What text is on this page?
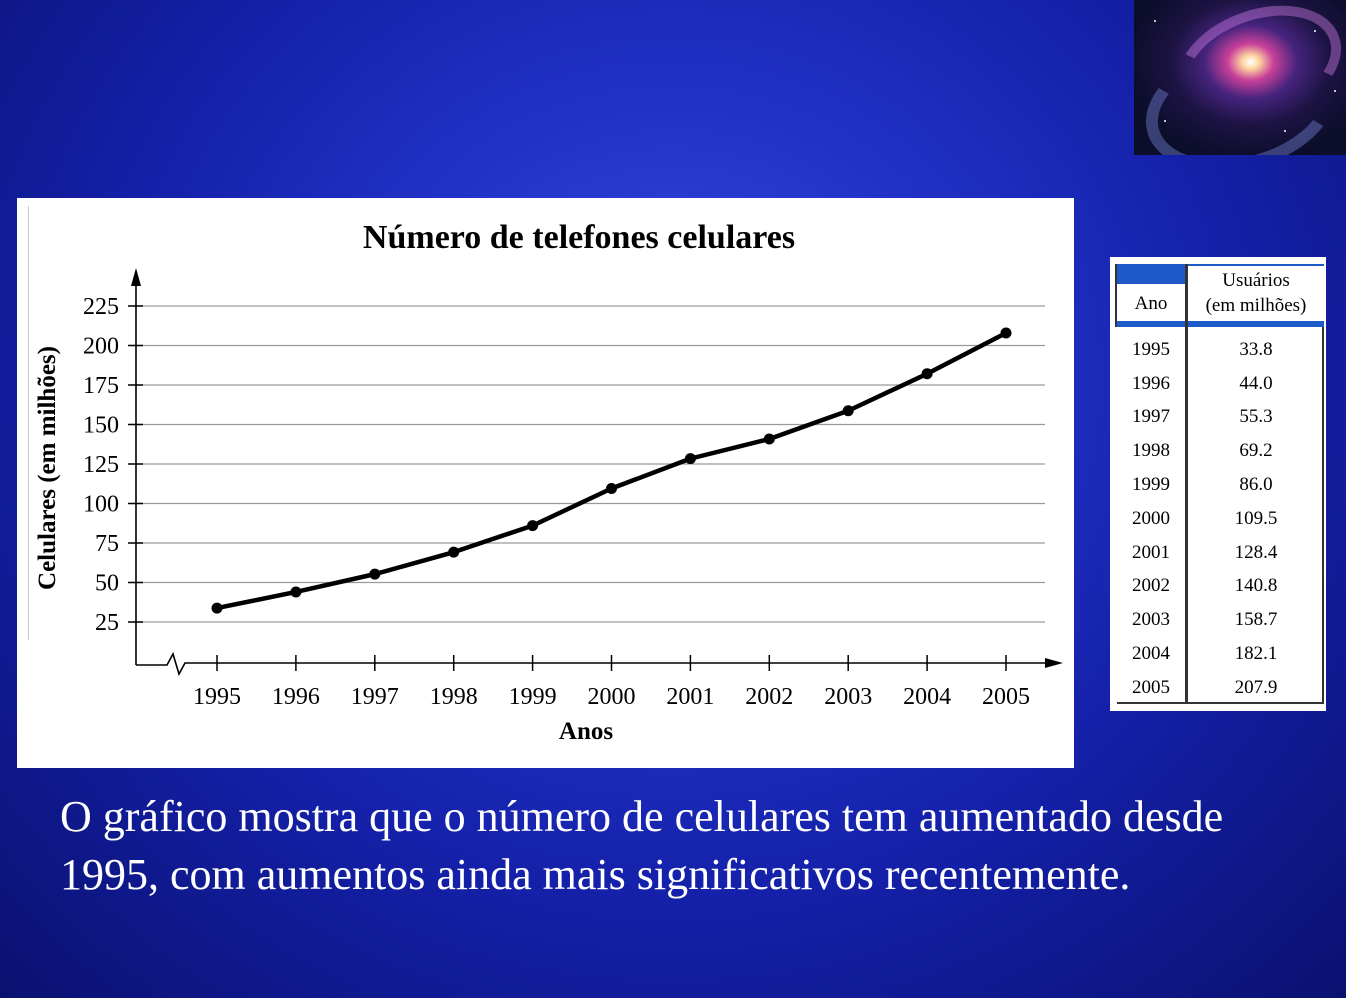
Número de telefones celulares
25
50
75
100
125
150
175
200
225
1995 1996 1997 1998 1999 2000 2001 2002 2003 2004 2005
Anos
Celulares (em milhões)
Ano
Usuários
(em milhões)
1995	33.8
1996	44.0
1997	55.3
1998	69.2
1999	86.0
2000	109.5
2001	128.4
2002	140.8
2003	158.7
2004	182.1
2005	207.9
O gráfico mostra que o número de celulares tem aumentado desde
1995, com aumentos ainda mais significativos recentemente.
